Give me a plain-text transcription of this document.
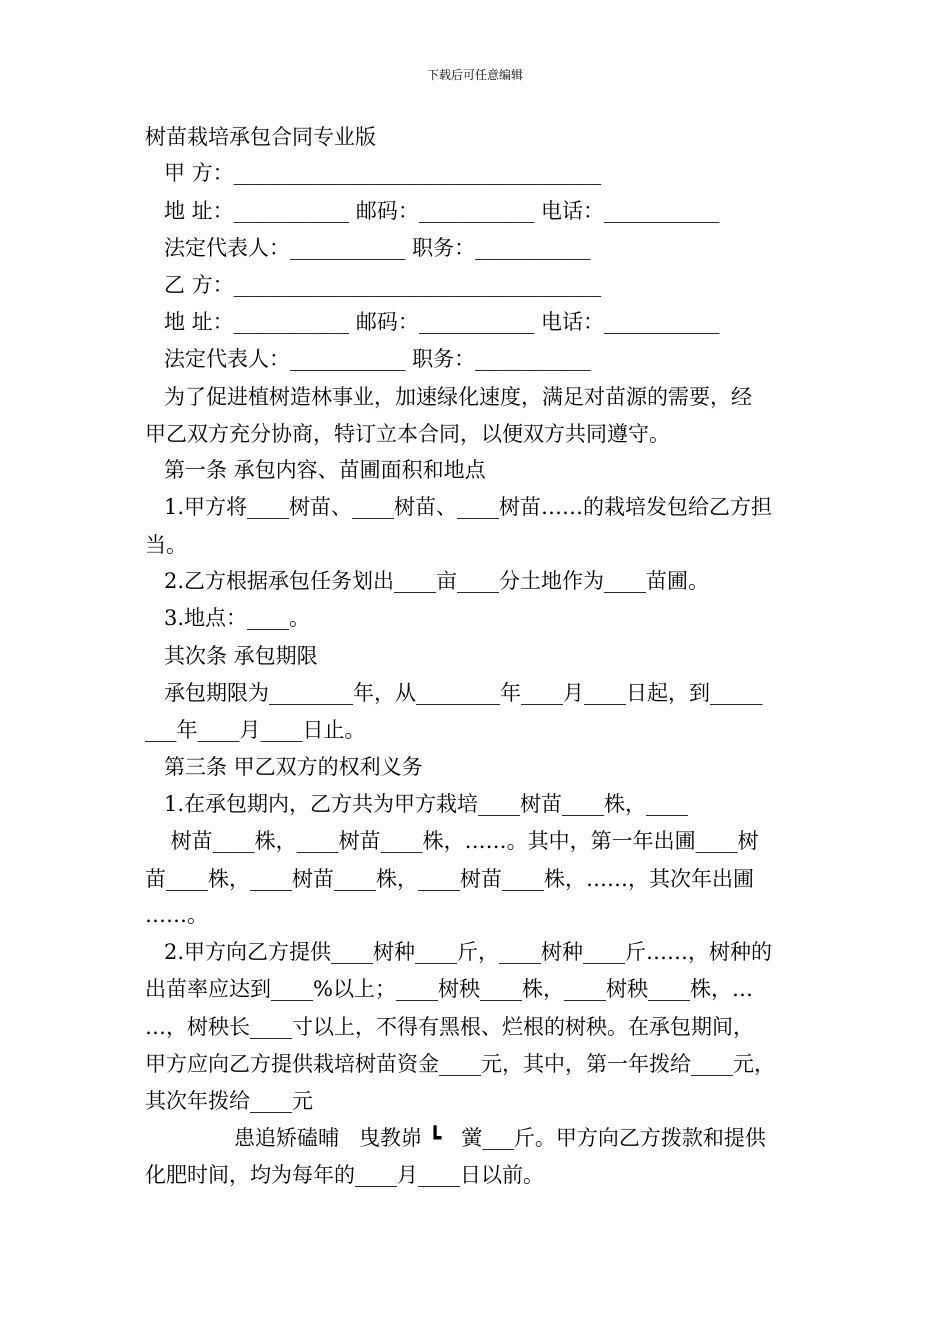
下载后可任意编辑
树苗栽培承包合同专业版
甲 方：___________________________________
地 址：___________ 邮码：___________ 电话：___________
法定代表人：___________ 职务：___________
乙 方：___________________________________
地 址：___________ 邮码：___________ 电话：___________
法定代表人：___________ 职务：___________
为了促进植树造林事业，加速绿化速度，满足对苗源的需要，经
甲乙双方充分协商，特订立本合同，以便双方共同遵守。
第一条 承包内容、苗圃面积和地点
1.甲方将____树苗、____树苗、____树苗……的栽培发包给乙方担
当。
2.乙方根据承包任务划出____亩____分土地作为____苗圃。
3.地点：____。
其次条 承包期限
承包期限为________年，从________年____月____日起，到_____
___年____月____日止。
第三条 甲乙双方的权利义务
1.在承包期内，乙方共为甲方栽培____树苗____株，____
树苗____株，____树苗____株，……。其中，第一年出圃____树
苗____株，____树苗____株，____树苗____株，……，其次年出圃
……。
2.甲方向乙方提供____树种____斤，____树种____斤……，树种的
出苗率应达到____%以上；____树秧____株，____树秧____株，…
…，树秧长____寸以上，不得有黑根、烂根的树秧。在承包期间，
甲方应向乙方提供栽培树苗资金____元，其中，第一年拨给____元，
其次年拨给____元
患追矫磕晡   曳教峁 ┗   黉___斤。甲方向乙方拨款和提供
化肥时间，均为每年的____月____日以前。
